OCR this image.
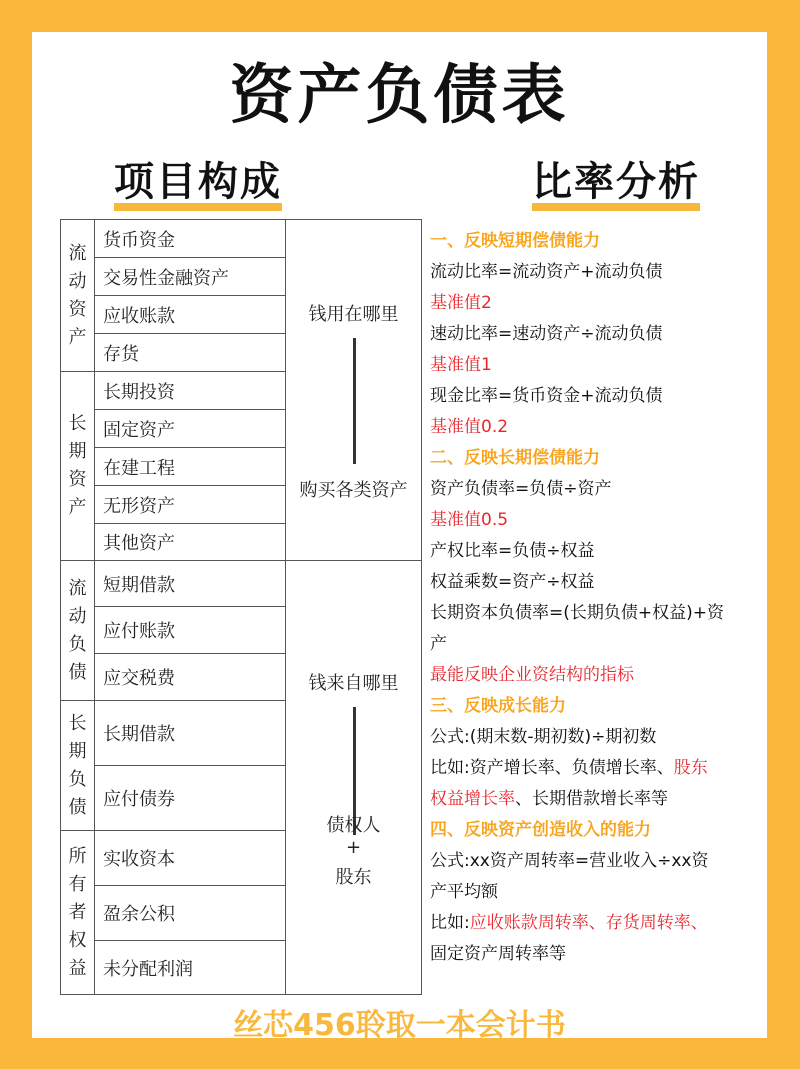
资产负债表
项目构成	比率分析
流动资产
货币资金
交易性金融资产
应收账款
存货
长期资产
长期投资
固定资产
在建工程
无形资产
其他资产
钱用在哪里
购买各类资产
流动负债
短期借款
应付账款
应交税费
长期负债
长期借款
应付债券
所有者权益
实收资本
盈余公积
未分配利润
钱来自哪里
债权人
+
股东
一、反映短期偿债能力
流动比率=流动资产+流动负债
基准值2
速动比率=速动资产÷流动负债
基准值1
现金比率=货币资金+流动负债
基准值0.2
二、反映长期偿债能力
资产负债率=负债÷资产
基准值0.5
产权比率=负债÷权益
权益乘数=资产÷权益
长期资本负债率=(长期负债+权益)+资
产
最能反映企业资结构的指标
三、反映成长能力
公式:(期末数-期初数)÷期初数
比如:资产增长率、负债增长率、股东
权益增长率、长期借款增长率等
四、反映资产创造收入的能力
公式:xx资产周转率=营业收入÷xx资
产平均额
比如:应收账款周转率、存货周转率、
固定资产周转率等
丝芯456聆取一本会计书
